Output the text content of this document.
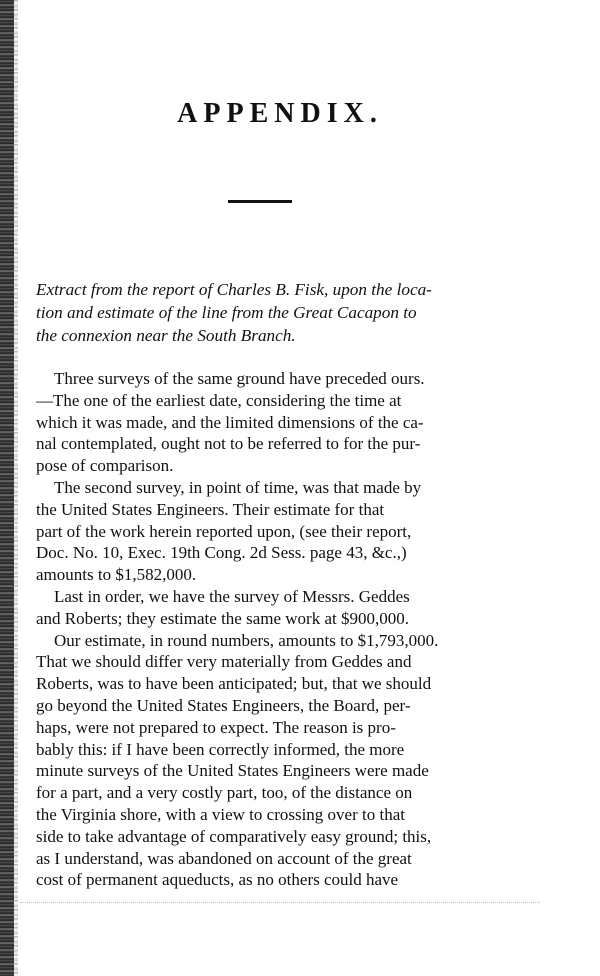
APPENDIX.
Extract from the report of Charles B. Fisk, upon the loca-
tion and estimate of the line from the Great Cacapon to
the connexion near the South Branch.
Three surveys of the same ground have preceded ours.
—The one of the earliest date, considering the time at
which it was made, and the limited dimensions of the ca-
nal contemplated, ought not to be referred to for the pur-
pose of comparison.
The second survey, in point of time, was that made by
the United States Engineers. Their estimate for that
part of the work herein reported upon, (see their report,
Doc. No. 10, Exec. 19th Cong. 2d Sess. page 43, &c.,)
amounts to $1,582,000.
Last in order, we have the survey of Messrs. Geddes
and Roberts; they estimate the same work at $900,000.
Our estimate, in round numbers, amounts to $1,793,000.
That we should differ very materially from Geddes and
Roberts, was to have been anticipated; but, that we should
go beyond the United States Engineers, the Board, per-
haps, were not prepared to expect. The reason is pro-
bably this: if I have been correctly informed, the more
minute surveys of the United States Engineers were made
for a part, and a very costly part, too, of the distance on
the Virginia shore, with a view to crossing over to that
side to take advantage of comparatively easy ground; this,
as I understand, was abandoned on account of the great
cost of permanent aqueducts, as no others could have
